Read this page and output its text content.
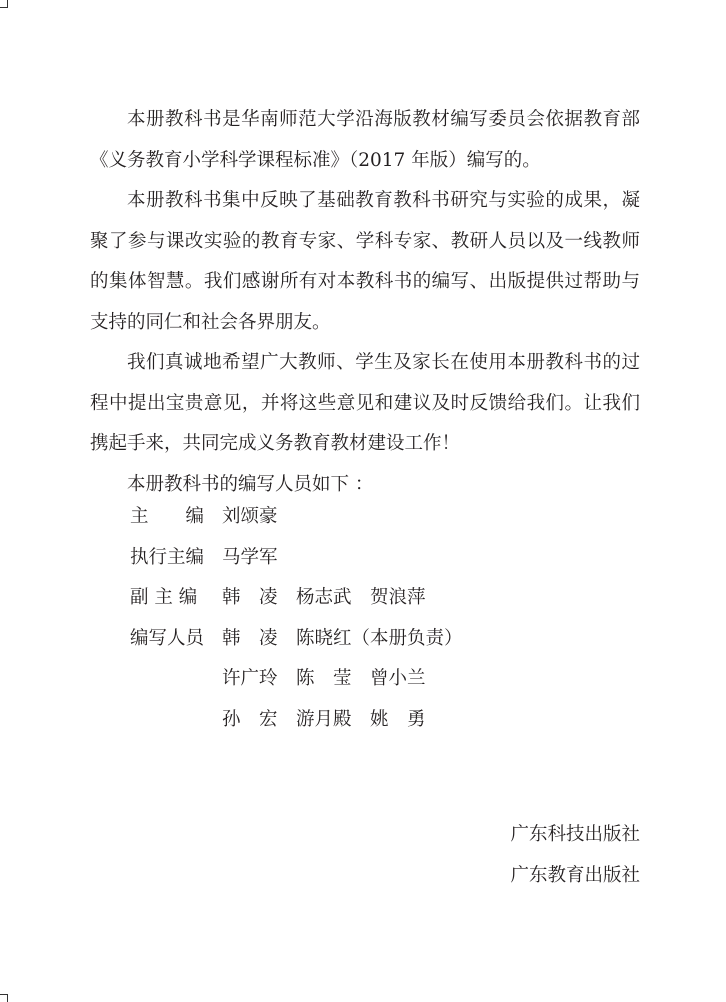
本册教科书是华南师范大学沿海版教材编写委员会依据教育部《义务教育小学科学课程标准》（2017 年版）编写的。

本册教科书集中反映了基础教育教科书研究与实验的成果，凝聚了参与课改实验的教育专家、学科专家、教研人员以及一线教师的集体智慧。我们感谢所有对本教科书的编写、出版提供过帮助与支持的同仁和社会各界朋友。

我们真诚地希望广大教师、学生及家长在使用本册教科书的过程中提出宝贵意见，并将这些意见和建议及时反馈给我们。让我们携起手来，共同完成义务教育教材建设工作！

本册教科书的编写人员如下 ：

主　　编 刘颂豪
执行主编 马学军
副 主 编 韩　凌　杨志武　贺浪萍
编写人员 韩　凌　陈晓红（本册负责）
许广玲　陈　莹　曾小兰
孙　宏　游月殿　姚　勇
广东科技出版社
广东教育出版社
